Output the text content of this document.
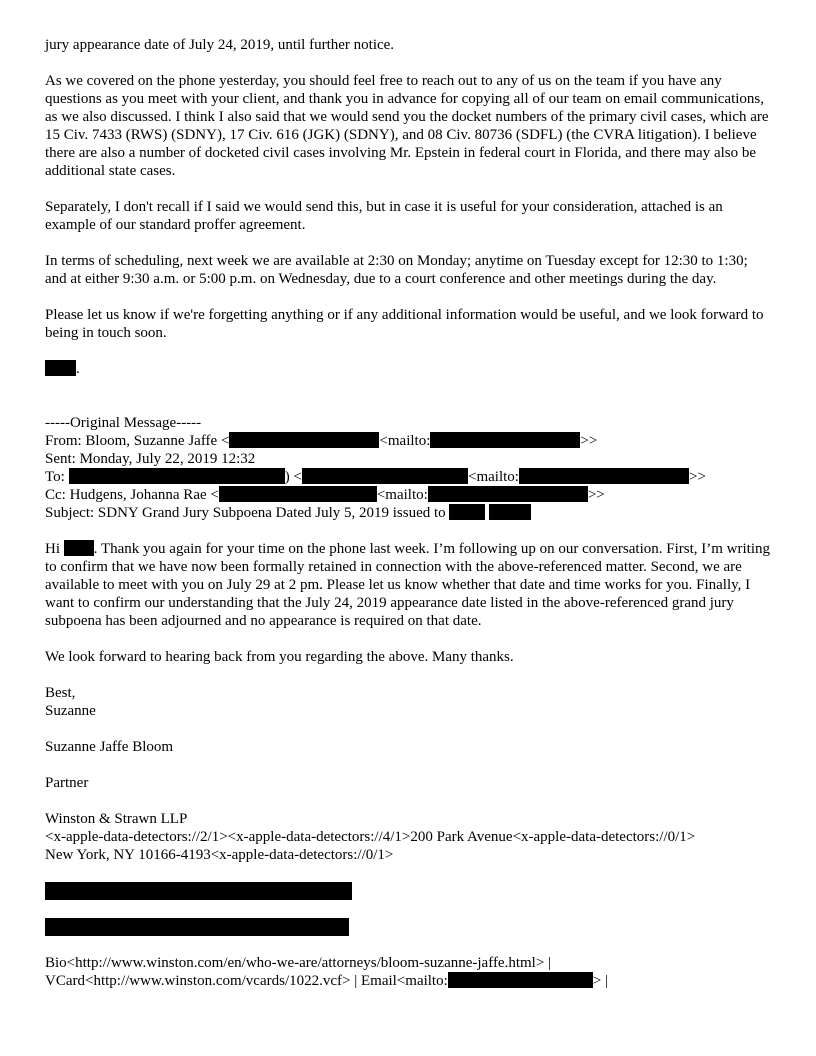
jury appearance date of July 24, 2019, until further notice.

As we covered on the phone yesterday, you should feel free to reach out to any of us on the team if you have any questions as you meet with your client, and thank you in advance for copying all of our team on email communications, as we also discussed. I think I also said that we would send you the docket numbers of the primary civil cases, which are 15 Civ. 7433 (RWS) (SDNY), 17 Civ. 616 (JGK) (SDNY), and 08 Civ. 80736 (SDFL) (the CVRA litigation). I believe there are also a number of docketed civil cases involving Mr. Epstein in federal court in Florida, and there may also be additional state cases.

Separately, I don't recall if I said we would send this, but in case it is useful for your consideration, attached is an example of our standard proffer agreement.

In terms of scheduling, next week we are available at 2:30 on Monday; anytime on Tuesday except for 12:30 to 1:30; and at either 9:30 a.m. or 5:00 p.m. on Wednesday, due to a court conference and other meetings during the day.

Please let us know if we're forgetting anything or if any additional information would be useful, and we look forward to being in touch soon.

.

-----Original Message-----

From: Bloom, Suzanne Jaffe <	<mailto:	>>

Sent: Monday, July 22, 2019 12:32

To:	) <	<mailto:	>>

Cc: Hudgens, Johanna Rae <	<mailto:	>>

Subject: SDNY Grand Jury Subpoena Dated July 5, 2019 issued to

Hi . Thank you again for your time on the phone last week. I’m following up on our conversation. First, I’m writing to confirm that we have now been formally retained in connection with the above-referenced matter. Second, we are available to meet with you on July 29 at 2 pm. Please let us know whether that date and time works for you. Finally, I want to confirm our understanding that the July 24, 2019 appearance date listed in the above-referenced grand jury subpoena has been adjourned and no appearance is required on that date.

We look forward to hearing back from you regarding the above. Many thanks.

Best,

Suzanne

Suzanne Jaffe Bloom

Partner

Winston & Strawn LLP

<x-apple-data-detectors://2/1><x-apple-data-detectors://4/1>200 Park Avenue<x-apple-data-detectors://0/1>

New York, NY 10166-4193<x-apple-data-detectors://0/1>

Bio<http://www.winston.com/en/who-we-are/attorneys/bloom-suzanne-jaffe.html> |

VCard<http://www.winston.com/vcards/1022.vcf> | Email<mailto:	> |
